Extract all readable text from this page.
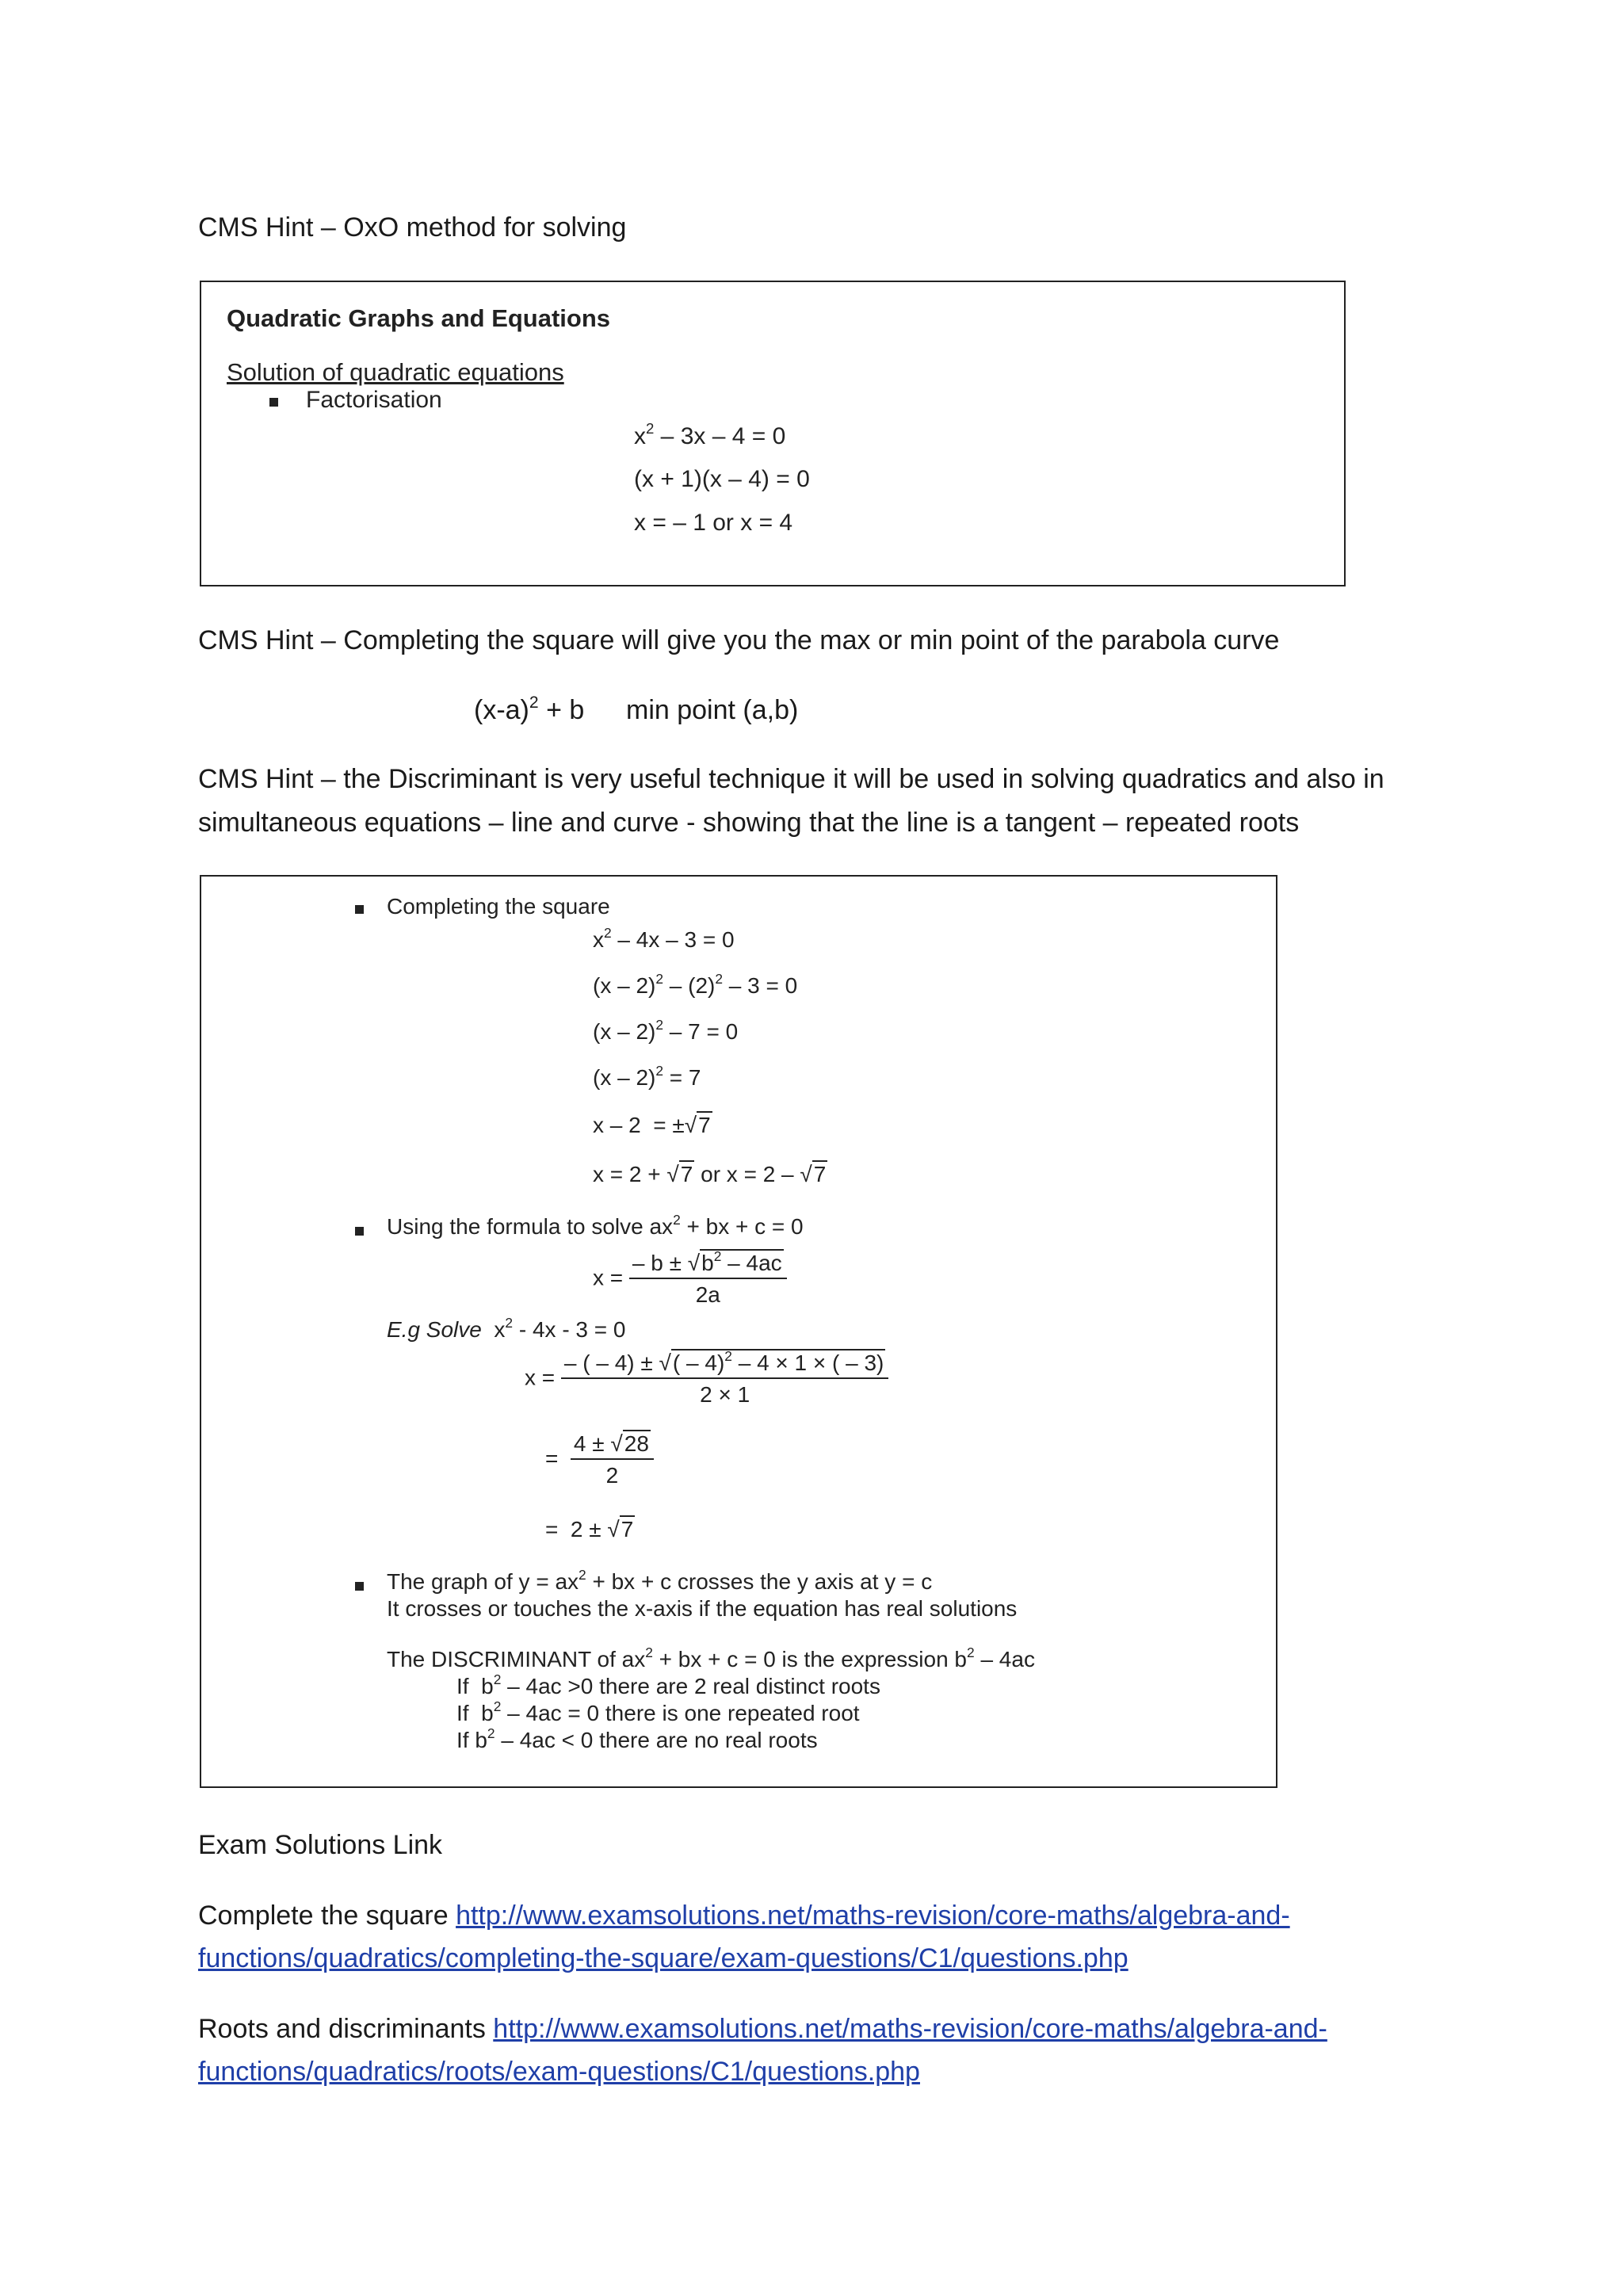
CMS Hint – OxO method for solving
Quadratic Graphs and Equations
Solution of quadratic equations
Factorisation
$x^2 - 3x - 4 = 0$
(x + 1)(x – 4) = 0
x = – 1 or x = 4
CMS Hint – Completing the square will give you the max or min point of the parabola curve
$(x-a)^2 + b$ min point (a,b)
CMS Hint – the Discriminant is very useful technique it will be used in solving quadratics and also in
simultaneous equations – line and curve - showing that the line is a tangent – repeated roots
Completing the square
$x^2 - 4x - 3 = 0$
$(x - 2)^2 - (2)^2 - 3 = 0$
(x – 2)$^2$ – 7 = 0
(x – 2)$^2$ = 7
x – 2  = ±√7
x = 2 + √7 or x = 2 – √7
Using the formula to solve $ax^2$ + bx + c = 0
$x = \frac{- b \pm √b^2 - 4ac}{2a}$
E.g Solve  $x^2 - 4x - 3 = 0$
$x = \frac{- ( - 4) \pm √( - 4)^2 - 4 \times 1 \times ( - 3)}{2 \times 1}$
= $\frac{4 \pm √28}{2}$
=  2 ± √7
The graph of $y = ax^2$ + bx + c crosses the y axis at y = c
It crosses or touches the x-axis if the equation has real solutions
The DISCRIMINANT of $ax^2$ + bx + c = 0 is the expression $b^2 - 4ac$
If  $b^2 - 4ac >0$ there are 2 real distinct roots
If  $b^2 - 4ac = 0$ there is one repeated root
If $b^2 - 4ac < 0$ there are no real roots
Exam Solutions Link
Complete the square http://www.examsolutions.net/maths-revision/core-maths/algebra-and-
functions/quadratics/completing-the-square/exam-questions/C1/questions.php
Roots and discriminants http://www.examsolutions.net/maths-revision/core-maths/algebra-and-
functions/quadratics/roots/exam-questions/C1/questions.php
